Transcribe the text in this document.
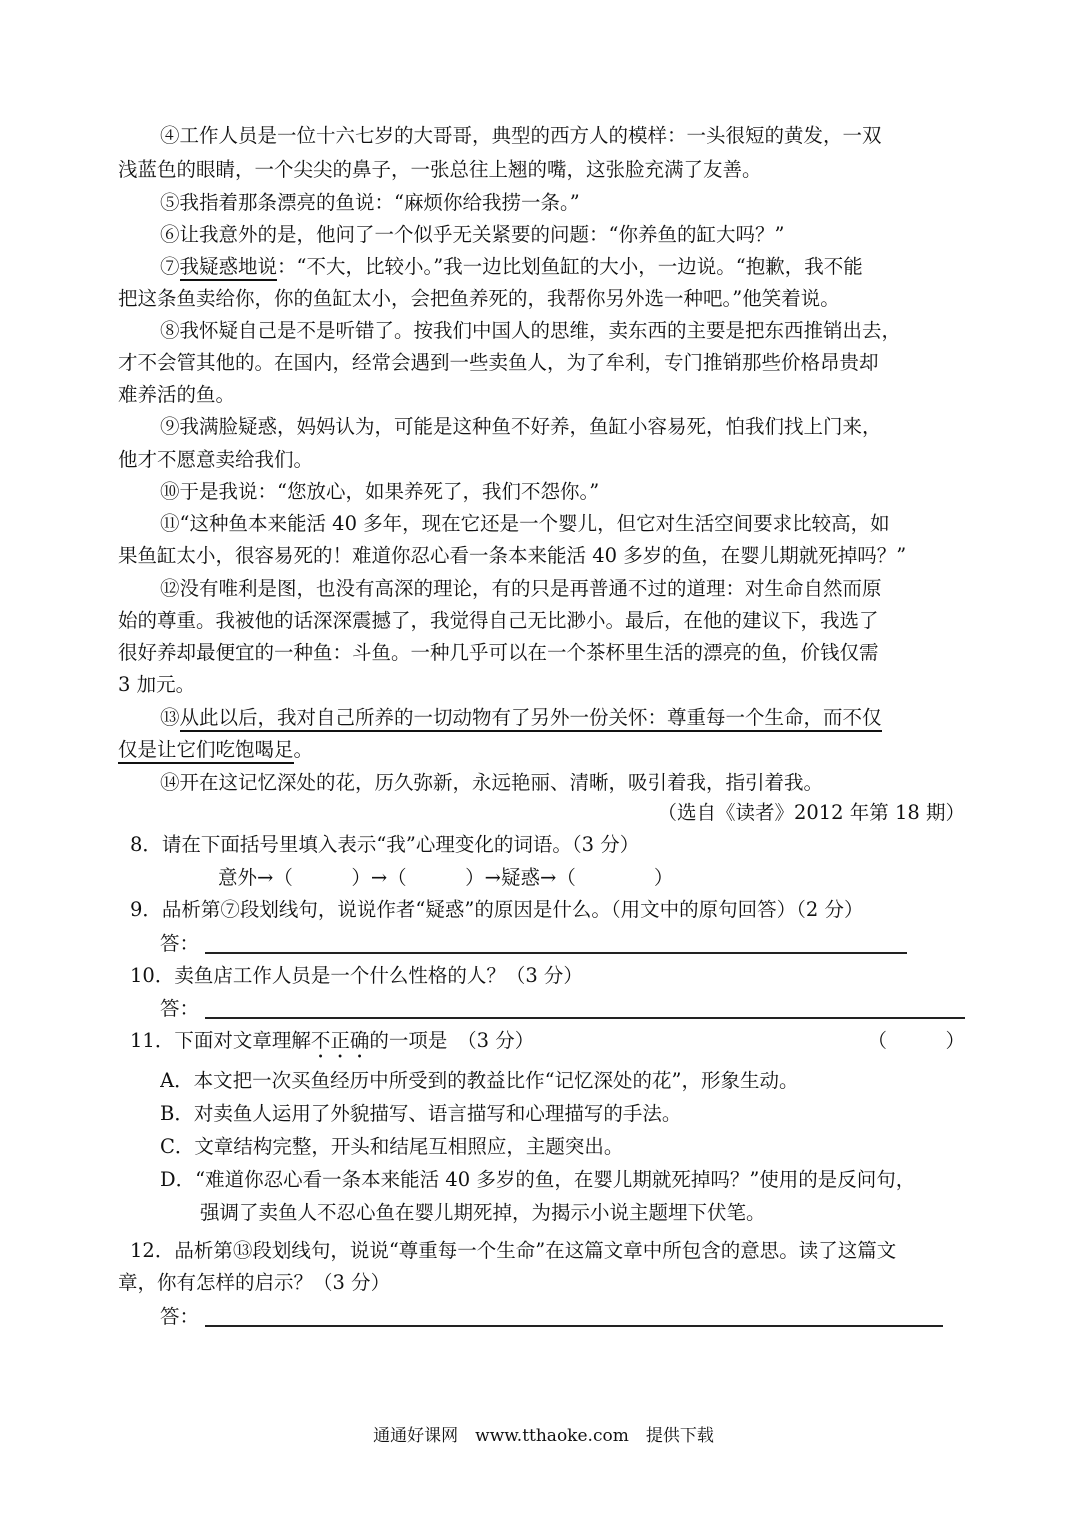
④工作人员是一位十六七岁的大哥哥，典型的西方人的模样：一头很短的黄发，一双
浅蓝色的眼睛，一个尖尖的鼻子，一张总往上翘的嘴，这张脸充满了友善。
⑤我指着那条漂亮的鱼说：“麻烦你给我捞一条。”
⑥让我意外的是，他问了一个似乎无关紧要的问题：“你养鱼的缸大吗？”
⑦我疑惑地说：“不大，比较小。”我一边比划鱼缸的大小，一边说。“抱歉，我不能
把这条鱼卖给你，你的鱼缸太小，会把鱼养死的，我帮你另外选一种吧。”他笑着说。
⑧我怀疑自己是不是听错了。按我们中国人的思维，卖东西的主要是把东西推销出去，
才不会管其他的。在国内，经常会遇到一些卖鱼人，为了牟利，专门推销那些价格昂贵却
难养活的鱼。
⑨我满脸疑惑，妈妈认为，可能是这种鱼不好养，鱼缸小容易死，怕我们找上门来，
他才不愿意卖给我们。
⑩于是我说：“您放心，如果养死了，我们不怨你。”
⑪“这种鱼本来能活 40 多年，现在它还是一个婴儿，但它对生活空间要求比较高，如
果鱼缸太小，很容易死的！难道你忍心看一条本来能活 40 多岁的鱼，在婴儿期就死掉吗？”
⑫没有唯利是图，也没有高深的理论，有的只是再普通不过的道理：对生命自然而原
始的尊重。我被他的话深深震撼了，我觉得自己无比渺小。最后，在他的建议下，我选了
很好养却最便宜的一种鱼：斗鱼。一种几乎可以在一个茶杯里生活的漂亮的鱼，价钱仅需
3 加元。
⑬从此以后，我对自己所养的一切动物有了另外一份关怀：尊重每一个生命，而不仅
仅是让它们吃饱喝足。
⑭开在这记忆深处的花，历久弥新，永远艳丽、清晰，吸引着我，指引着我。
（选自《读者》2012 年第 18 期）
8．请在下面括号里填入表示“我”心理变化的词语。（3 分）
意外→（　　　）→（　　　）→疑惑→（　　　　）
9．品析第⑦段划线句，说说作者“疑惑”的原因是什么。（用文中的原句回答）（2 分）
答：
10．卖鱼店工作人员是一个什么性格的人？（3 分）
答：
11．下面对文章理解不正确的一项是　（3 分）	（　　　）
A．本文把一次买鱼经历中所受到的教益比作“记忆深处的花”，形象生动。
B．对卖鱼人运用了外貌描写、语言描写和心理描写的手法。
C．文章结构完整，开头和结尾互相照应，主题突出。
D．“难道你忍心看一条本来能活 40 多岁的鱼，在婴儿期就死掉吗？”使用的是反问句，
强调了卖鱼人不忍心鱼在婴儿期死掉，为揭示小说主题埋下伏笔。
12．品析第⑬段划线句，说说“尊重每一个生命”在这篇文章中所包含的意思。读了这篇文
章，你有怎样的启示？（3 分）
答：
通通好课网　www.tthaoke.com　提供下载
